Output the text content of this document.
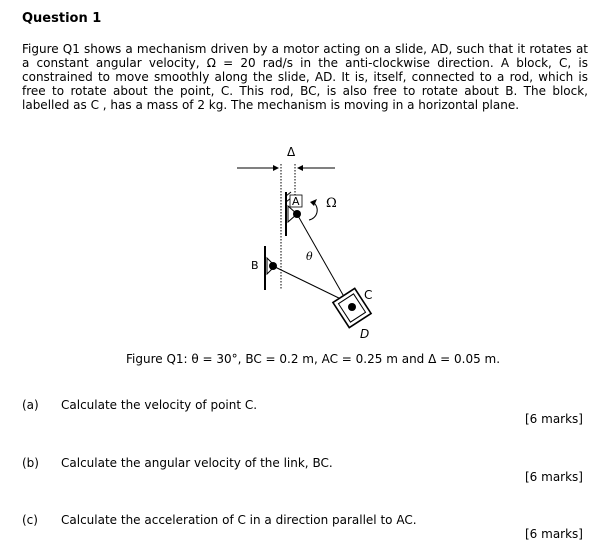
Question 1
Figure Q1 shows a mechanism driven by a motor acting on a slide, AD, such that it rotates at a constant angular velocity, Ω = 20 rad/s in the anti-clockwise direction. A block, C, is constrained to move smoothly along the slide, AD. It is, itself, connected to a rod, which is free to rotate about the point, C. This rod, BC, is also free to rotate about B. The block, labelled as C , has a mass of 2 kg. The mechanism is moving in a horizontal plane.
Δ
A Ω
θ
B
C
D
Figure Q1: θ = 30°, BC = 0.2 m, AC = 0.25 m and Δ = 0.05 m.
(a) Calculate the velocity of point C.
[6 marks]
(b) Calculate the angular velocity of the link, BC.
[6 marks]
(c) Calculate the acceleration of C in a direction parallel to AC.
[6 marks]
